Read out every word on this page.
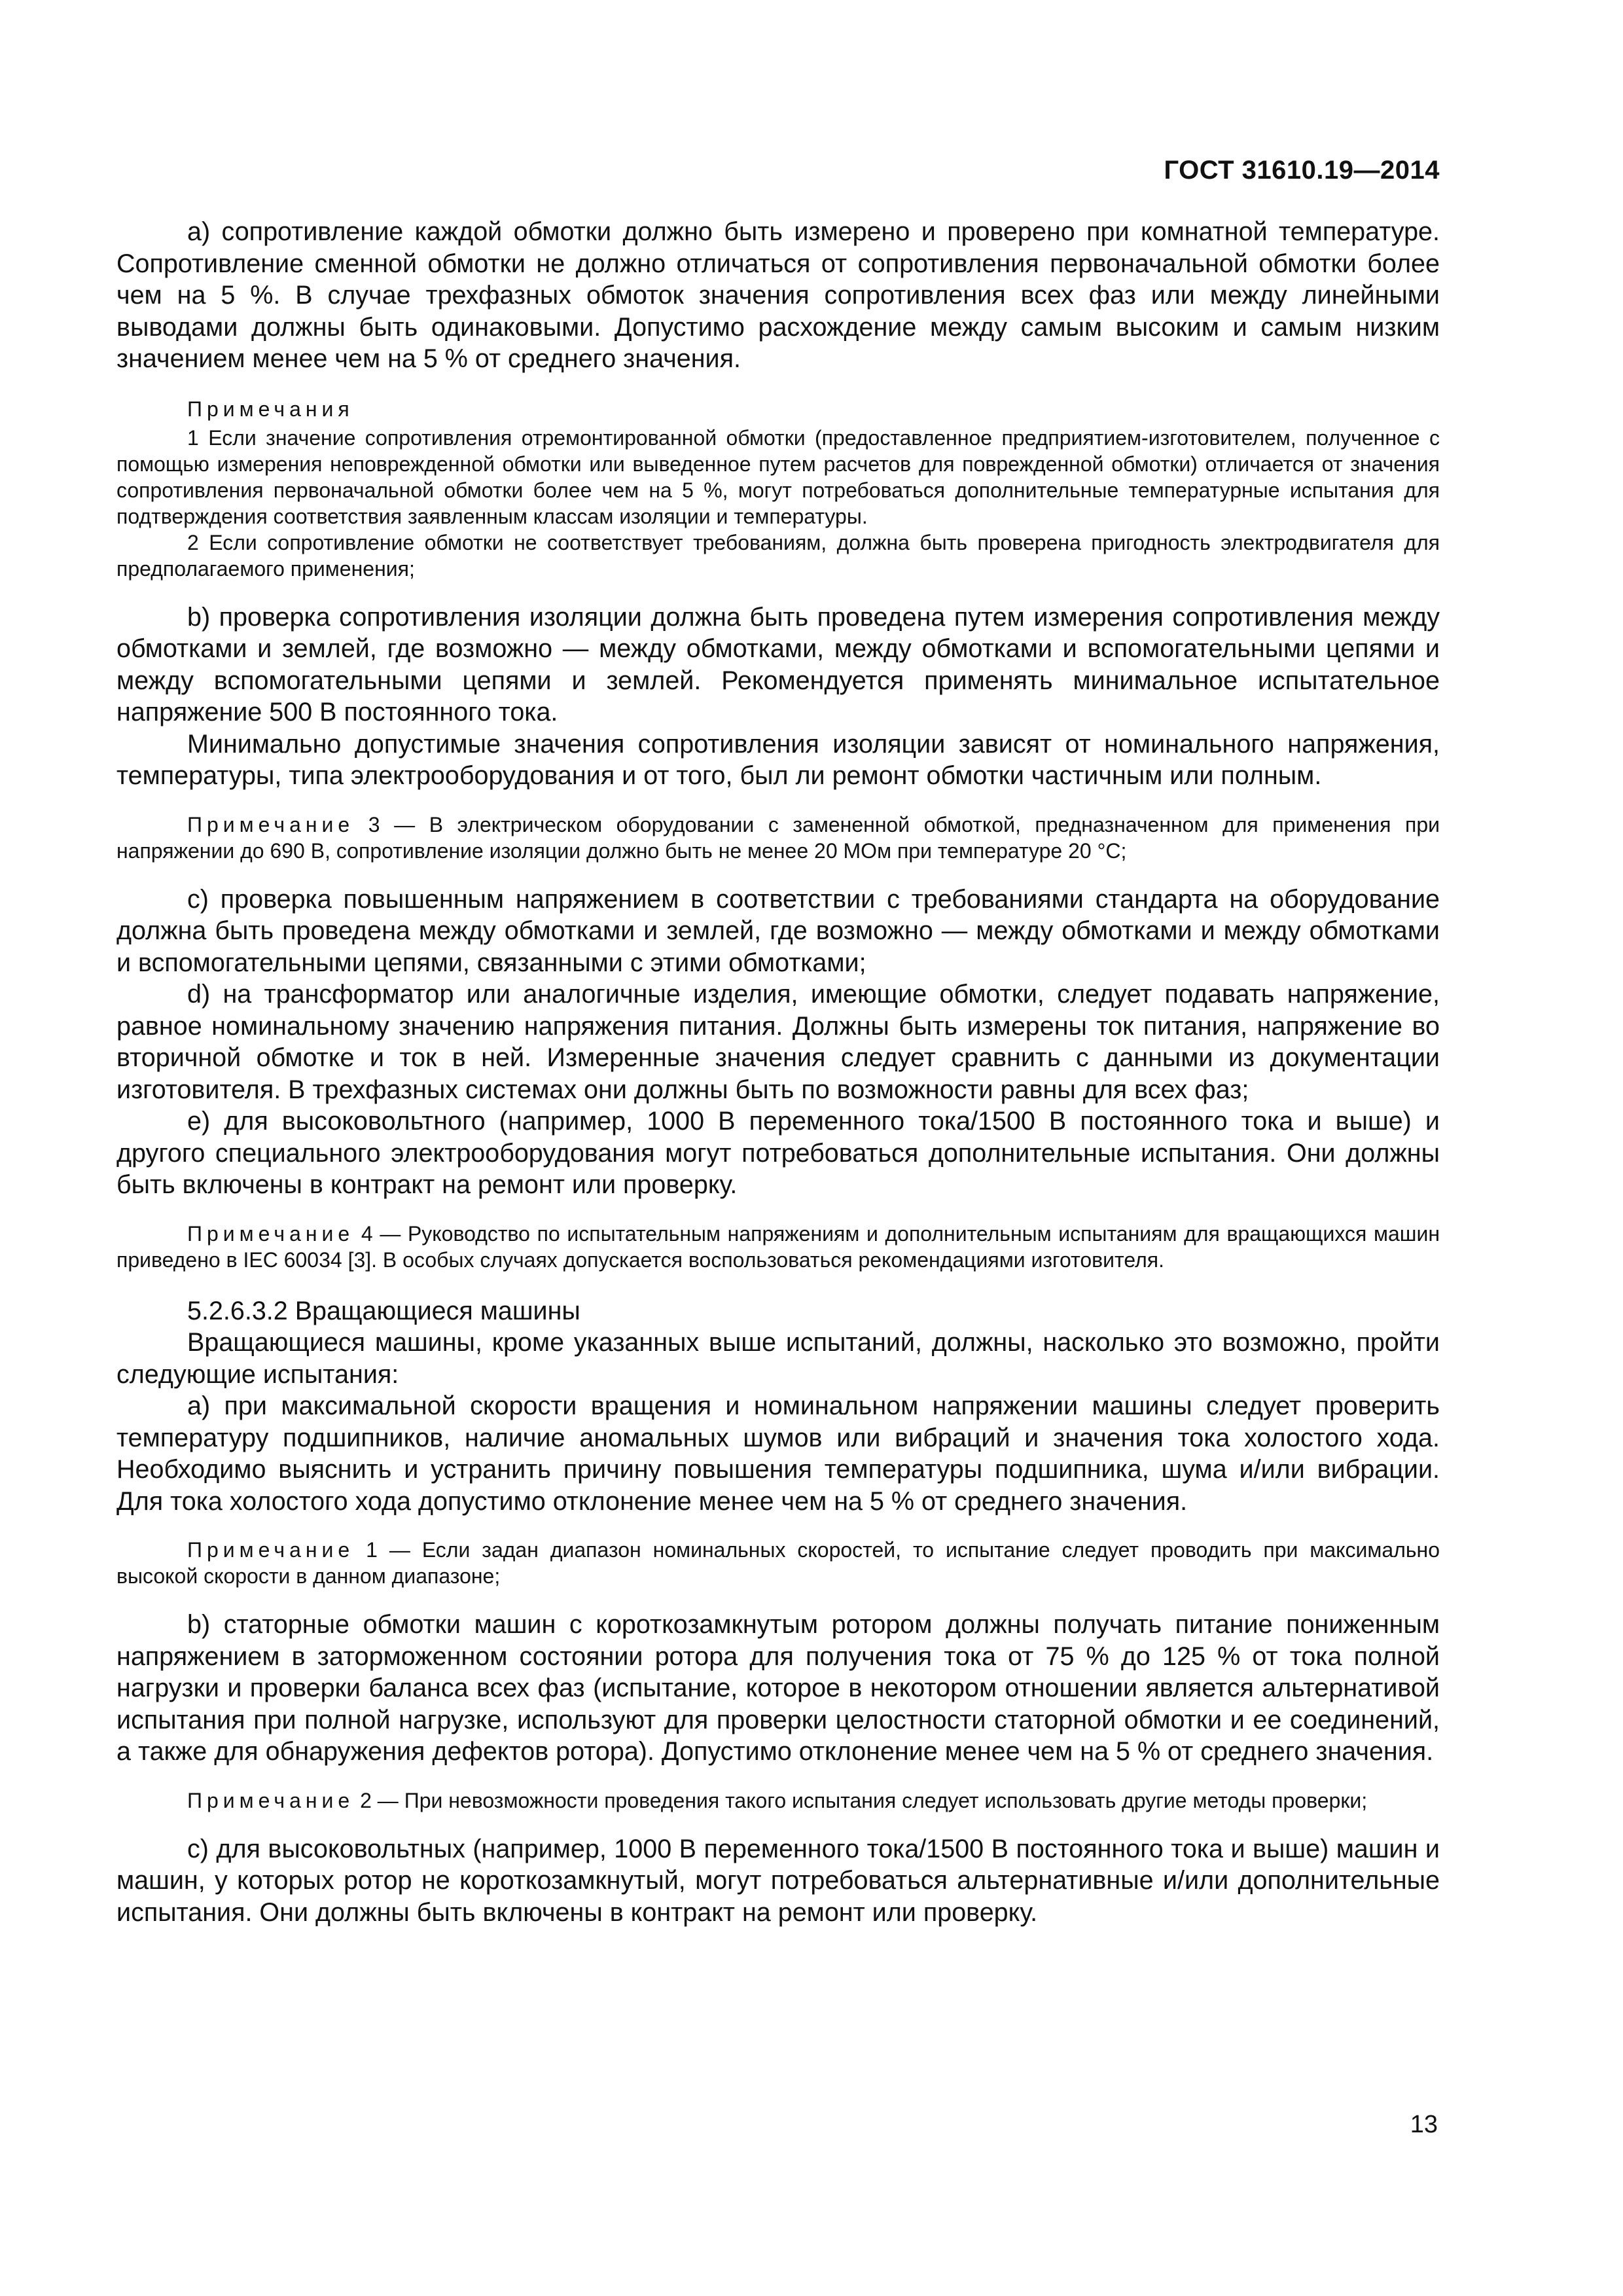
ГОСТ 31610.19—2014

а) сопротивление каждой обмотки должно быть измерено и проверено при комнатной температуре. Сопротивление сменной обмотки не должно отличаться от сопротивления первоначальной обмотки более чем на 5 %. В случае трехфазных обмоток значения сопротивления всех фаз или между линейными выводами должны быть одинаковыми. Допустимо расхождение между самым высоким и самым низким значением менее чем на 5 % от среднего значения.

Примечания

1 Если значение сопротивления отремонтированной обмотки (предоставленное предприятием-изготовителем, полученное с помощью измерения неповрежденной обмотки или выведенное путем расчетов для поврежденной обмотки) отличается от значения сопротивления первоначальной обмотки более чем на 5 %, могут потребоваться дополнительные температурные испытания для подтверждения соответствия заявленным классам изоляции и температуры.

2 Если сопротивление обмотки не соответствует требованиям, должна быть проверена пригодность электродвигателя для предполагаемого применения;

b) проверка сопротивления изоляции должна быть проведена путем измерения сопротивления между обмотками и землей, где возможно — между обмотками, между обмотками и вспомогательными цепями и между вспомогательными цепями и землей. Рекомендуется применять минимальное испытательное напряжение 500 В постоянного тока.

Минимально допустимые значения сопротивления изоляции зависят от номинального напряжения, температуры, типа электрооборудования и от того, был ли ремонт обмотки частичным или полным.

Примечание 3 — В электрическом оборудовании с замененной обмоткой, предназначенном для применения при напряжении до 690 В, сопротивление изоляции должно быть не менее 20 МОм при температуре 20 °С;

с) проверка повышенным напряжением в соответствии с требованиями стандарта на оборудование должна быть проведена между обмотками и землей, где возможно — между обмотками и между обмотками и вспомогательными цепями, связанными с этими обмотками;

d) на трансформатор или аналогичные изделия, имеющие обмотки, следует подавать напряжение, равное номинальному значению напряжения питания. Должны быть измерены ток питания, напряжение во вторичной обмотке и ток в ней. Измеренные значения следует сравнить с данными из документации изготовителя. В трехфазных системах они должны быть по возможности равны для всех фаз;

е) для высоковольтного (например, 1000 В переменного тока/1500 В постоянного тока и выше) и другого специального электрооборудования могут потребоваться дополнительные испытания. Они должны быть включены в контракт на ремонт или проверку.

Примечание 4 — Руководство по испытательным напряжениям и дополнительным испытаниям для вращающихся машин приведено в IEC 60034 [3]. В особых случаях допускается воспользоваться рекомендациями изготовителя.

5.2.6.3.2 Вращающиеся машины

Вращающиеся машины, кроме указанных выше испытаний, должны, насколько это возможно, пройти следующие испытания:

а) при максимальной скорости вращения и номинальном напряжении машины следует проверить температуру подшипников, наличие аномальных шумов или вибраций и значения тока холостого хода. Необходимо выяснить и устранить причину повышения температуры подшипника, шума и/или вибрации. Для тока холостого хода допустимо отклонение менее чем на 5 % от среднего значения.

Примечание 1 — Если задан диапазон номинальных скоростей, то испытание следует проводить при максимально высокой скорости в данном диапазоне;

b) статорные обмотки машин с короткозамкнутым ротором должны получать питание пониженным напряжением в заторможенном состоянии ротора для получения тока от 75 % до 125 % от тока полной нагрузки и проверки баланса всех фаз (испытание, которое в некотором отношении является альтернативой испытания при полной нагрузке, используют для проверки целостности статорной обмотки и ее соединений, а также для обнаружения дефектов ротора). Допустимо отклонение менее чем на 5 % от среднего значения.

Примечание 2 — При невозможности проведения такого испытания следует использовать другие методы проверки;

с) для высоковольтных (например, 1000 В переменного тока/1500 В постоянного тока и выше) машин и машин, у которых ротор не короткозамкнутый, могут потребоваться альтернативные и/или дополнительные испытания. Они должны быть включены в контракт на ремонт или проверку.

13
